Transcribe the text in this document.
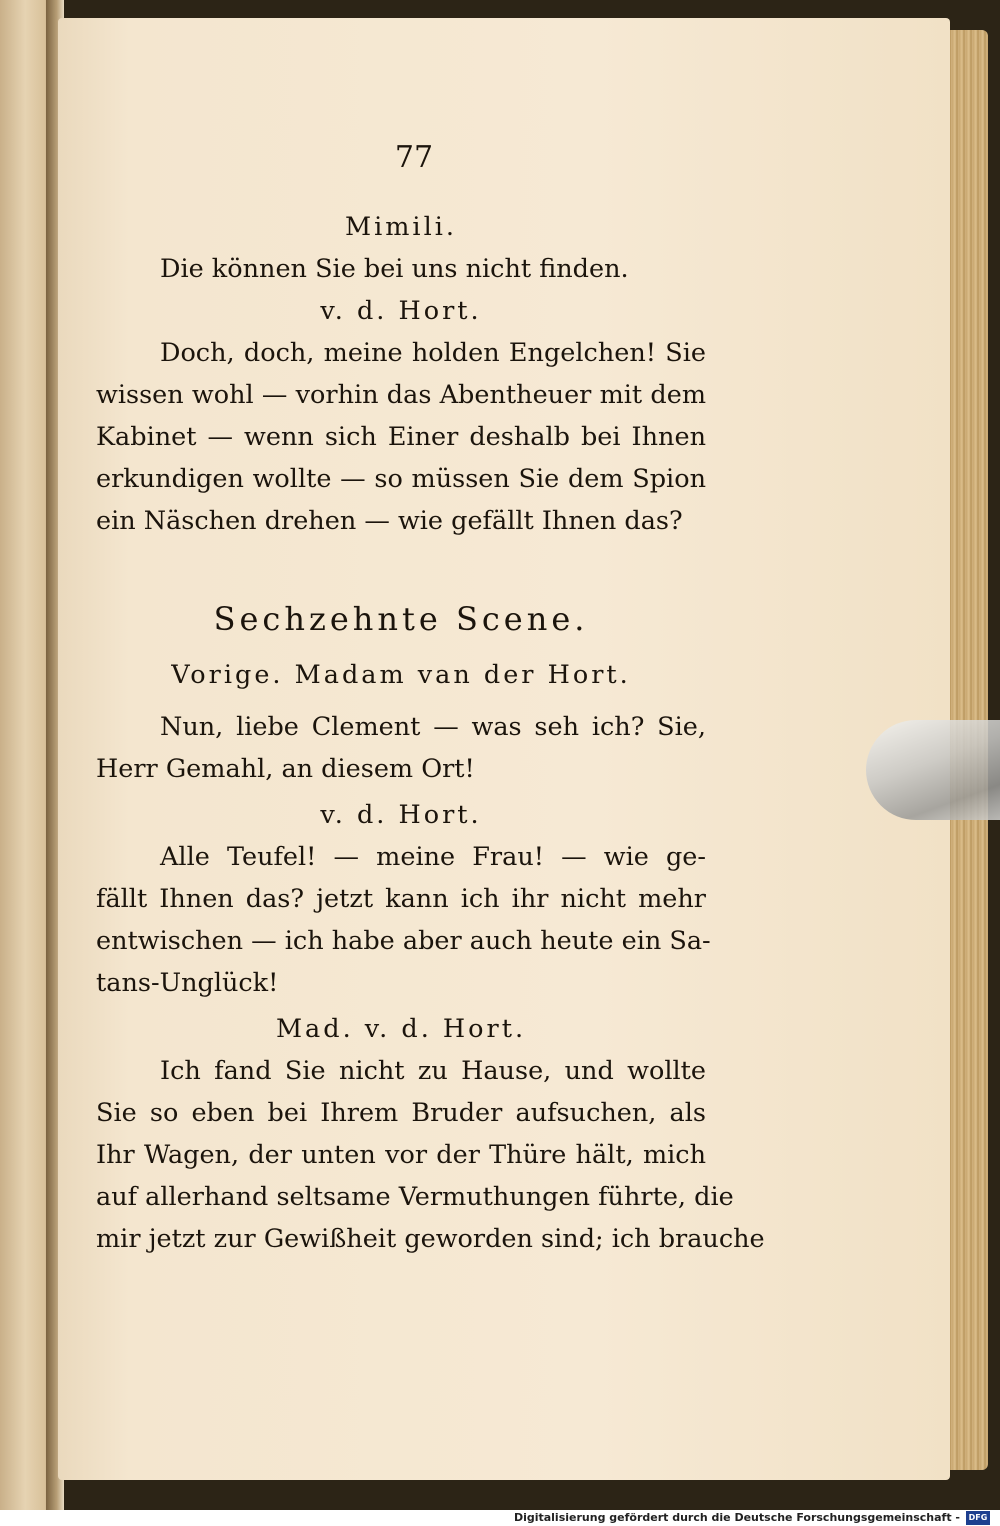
77
Mimili.
Die können Sie bei uns nicht finden.
v. d. Hort.
Doch, doch, meine holden Engelchen! Sie
wissen wohl — vorhin das Abentheuer mit dem
Kabinet — wenn sich Einer deshalb bei Ihnen
erkundigen wollte — so müssen Sie dem Spion
ein Näschen drehen — wie gefällt Ihnen das?
Sechzehnte Scene.
Vorige. Madam van der Hort.
Nun, liebe Clement — was seh ich? Sie,
Herr Gemahl, an diesem Ort!
v. d. Hort.
Alle Teufel! — meine Frau! — wie ge-
fällt Ihnen das? jetzt kann ich ihr nicht mehr
entwischen — ich habe aber auch heute ein Sa-
tans-Unglück!
Mad. v. d. Hort.
Ich fand Sie nicht zu Hause, und wollte
Sie so eben bei Ihrem Bruder aufsuchen, als
Ihr Wagen, der unten vor der Thüre hält, mich
auf allerhand seltsame Vermuthungen führte, die
mir jetzt zur Gewißheit geworden sind; ich brauche
Digitalisierung gefördert durch die Deutsche Forschungsgemeinschaft -	DFG
